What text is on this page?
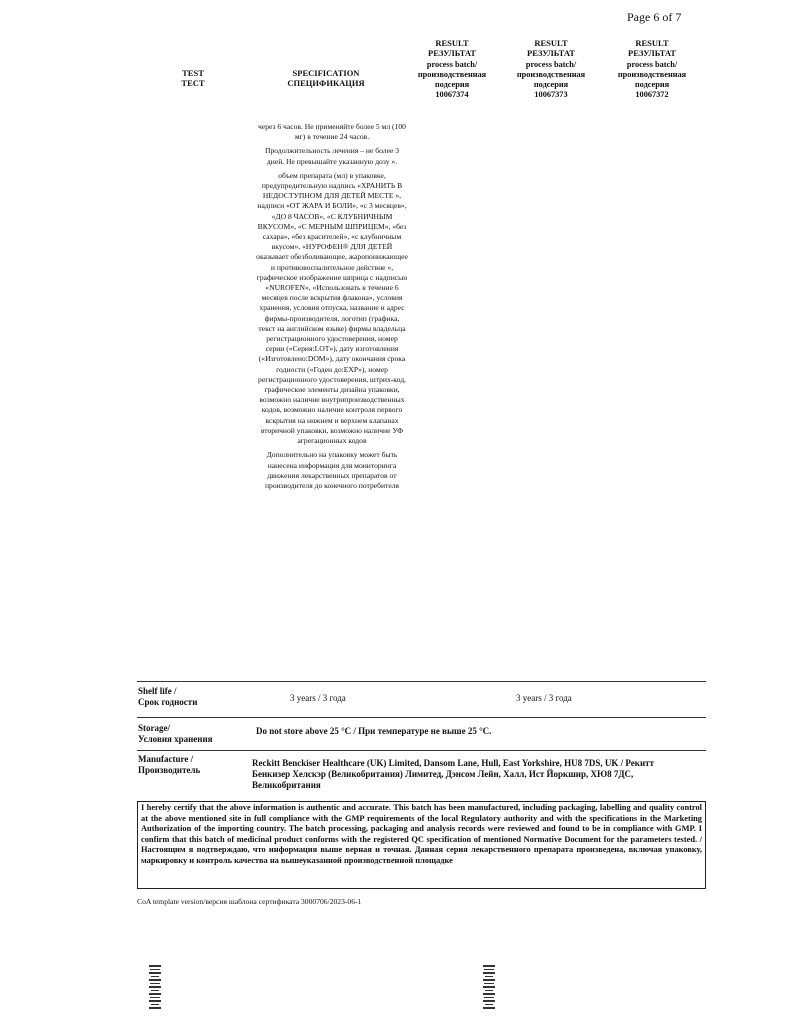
Page 6 of 7
TEST
ТЕСТ
SPECIFICATION
СПЕЦИФИКАЦИЯ
RESULT
РЕЗУЛЬТАТ
process batch/
производственная
подсерия
10067374
RESULT
РЕЗУЛЬТАТ
process batch/
производственная
подсерия
10067373
RESULT
РЕЗУЛЬТАТ
process batch/
производственная
подсерия
10067372

через 6 часов. Не применяйте более 5 мл (100 мг) в течение 24 часов.

Продолжительность лечения – не более 3 дней. Не превышайте указанную дозу ».

объем препарата (мл) в упаковке, предупредительную надпись «ХРАНИТЬ В НЕДОСТУПНОМ ДЛЯ ДЕТЕЙ МЕСТЕ », надписи «ОТ ЖАРА И БОЛИ», «с 3 месяцев», «ДО 8 ЧАСОВ», «С КЛУБНИЧНЫМ ВКУСОМ», «С МЕРНЫМ ШПРИЦЕМ», «без сахара», «без красителей», «с клубничным вкусом», «НУРОФЕН® ДЛЯ ДЕТЕЙ оказывает обезболивающее, жаропонижающее и противовоспалительное действие », графическое изображение шприца с надписью «NUROFEN», «Использовать в течение 6 месяцев после вскрытия флакона», условия хранения, условия отпуска, название и адрес фирмы-производителя, логотип (графика, текст на английском языке) фирмы владельца регистрационного удостоверения, номер серии («Серия:LOT»), дату изготовления («Изготовлено:DOM»), дату окончания срока годности («Годен до:EXP»), номер регистрационного удостоверения, штрих-код, графические элементы дизайна упаковки, возможно наличие внутрипроизводственных кодов, возможно наличие контроля первого вскрытия на нижнем и верхнем клапанах вторичной упаковки, возможно наличие УФ агрегационных кодов

Дополнительно на упаковку может быть нанесена информация для мониторинга движения лекарственных препаратов от производителя до конечного потребителя

Shelf life /
Срок годности	3 years / 3 года	3 years / 3 года
Storage/
Условия хранения
Do not store above 25 °C / При температуре не выше 25 °C.
Manufacture /
Производитель
Reckitt Benckiser Healthcare (UK) Limited, Dansom Lane, Hull, East Yorkshire, HU8 7DS, UK / Рекитт
Бенкизер Хелскэр (Великобритания) Лимитед, Дэнсом Лейн, Халл, Ист Йоркшир, ХЮ8 7ДС,
Великобритания
I hereby certify that the above information is authentic and accurate. This batch has been manufactured, including packaging, labelling and quality control at the above mentioned site in full compliance with the GMP requirements of the local Regulatory authority and with the specifications in the Marketing Authorization of the importing country. The batch processing, packaging and analysis records were reviewed and found to be in compliance with GMP. I confirm that this batch of medicinal product conforms with the registered QC specification of mentioned Normative Document for the parameters tested. /Настоящим я подтверждаю, что информация выше верная и точная. Данная серия лекарственного препарата произведена, включая упаковку, маркировку и контроль качества на вышеуказанной производственной площадке
CoA template version/версия шаблона сертификата 3000706/2023-06-1
